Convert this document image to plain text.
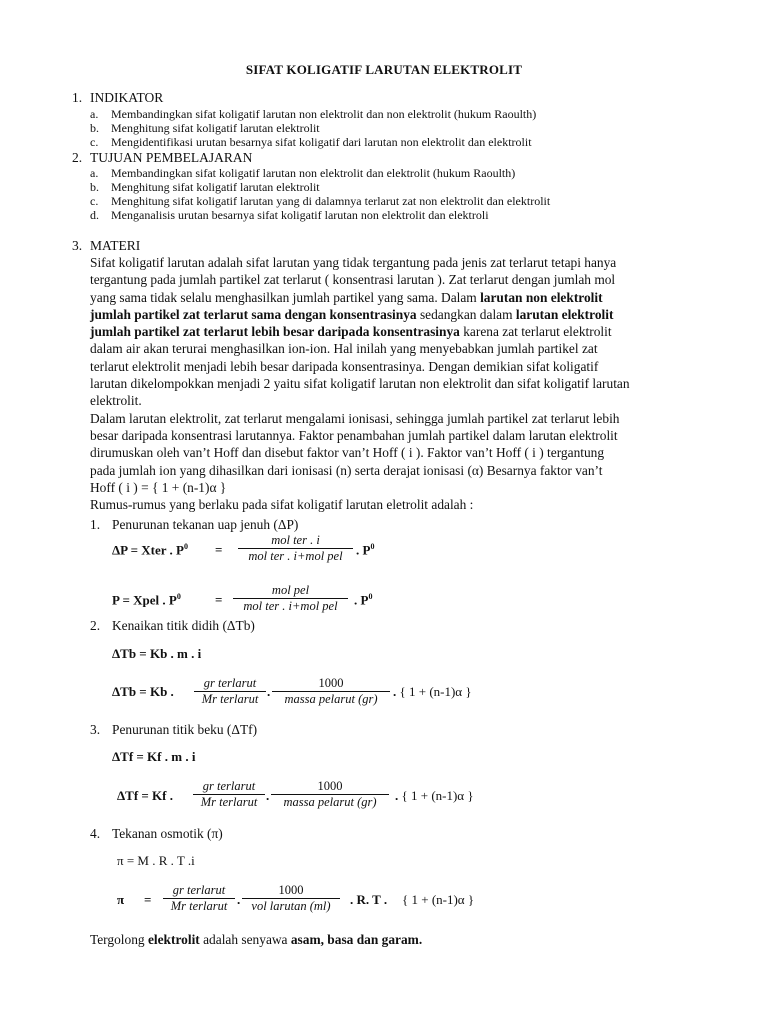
SIFAT KOLIGATIF LARUTAN ELEKTROLIT
1. INDIKATOR
a. Membandingkan sifat koligatif larutan non elektrolit dan non elektrolit (hukum Raoulth)
b. Menghitung sifat koligatif larutan elektrolit
c. Mengidentifikasi urutan besarnya sifat koligatif dari larutan non elektrolit dan elektrolit
2. TUJUAN PEMBELAJARAN
a. Membandingkan sifat koligatif larutan non elektrolit dan elektrolit (hukum Raoulth)
b. Menghitung sifat koligatif larutan elektrolit
c. Menghitung sifat koligatif larutan yang di dalamnya terlarut zat non elektrolit dan elektrolit
d. Menganalisis urutan besarnya sifat koligatif larutan non elektrolit dan elektroli
3. MATERI
Sifat koligatif larutan adalah sifat larutan yang tidak tergantung pada jenis zat terlarut tetapi hanya
tergantung pada jumlah partikel zat terlarut ( konsentrasi larutan ). Zat terlarut dengan jumlah mol
yang sama tidak selalu menghasilkan jumlah partikel yang sama. Dalam larutan non elektrolit
jumlah partikel zat terlarut sama dengan konsentrasinya sedangkan dalam larutan elektrolit
jumlah partikel zat terlarut lebih besar daripada konsentrasinya karena zat terlarut elektrolit
dalam air akan terurai menghasilkan ion-ion. Hal inilah yang menyebabkan jumlah partikel zat
terlarut elektrolit menjadi lebih besar daripada konsentrasinya. Dengan demikian sifat koligatif
larutan dikelompokkan menjadi 2 yaitu sifat koligatif larutan non elektrolit dan sifat koligatif larutan
elektrolit.
Dalam larutan elektrolit, zat terlarut mengalami ionisasi, sehingga jumlah partikel zat terlarut lebih
besar daripada konsentrasi larutannya. Faktor penambahan jumlah partikel dalam larutan elektrolit
dirumuskan oleh van’t Hoff dan disebut faktor van’t Hoff ( i ). Faktor van’t Hoff ( i ) tergantung
pada jumlah ion yang dihasilkan dari ionisasi (n) serta derajat ionisasi (α) Besarnya faktor van’t
Hoff ( i ) = { 1 + (n-1)α }
Rumus-rumus yang berlaku pada sifat koligatif larutan eletrolit adalah :
1. Penurunan tekanan uap jenuh (ΔP)
ΔP = Xter . $P^0$ =
mol ter . i
mol ter . i+mol pel	. $P^0$
P = Xpel . $P^0$	=
mol pel
mol ter . i+mol pel	. $P^0$
2. Kenaikan titik didih (ΔTb)
ΔTb = Kb . m . i
ΔTb = Kb .
gr terlarut
Mr terlarut .
1000
massa pelarut (gr)	. { 1 + (n-1)α }
3. Penurunan titik beku (ΔTf)
ΔTf = Kf . m . i
ΔTf = Kf .
gr terlarut
Mr terlarut .
1000
massa pelarut (gr)	. { 1 + (n-1)α }
4. Tekanan osmotik (π)
π = M . R . T .i
π =
gr terlarut
Mr terlarut .
1000
vol larutan (ml)	. R. T . { 1 + (n-1)α }
Tergolong elektrolit adalah senyawa asam, basa dan garam.
